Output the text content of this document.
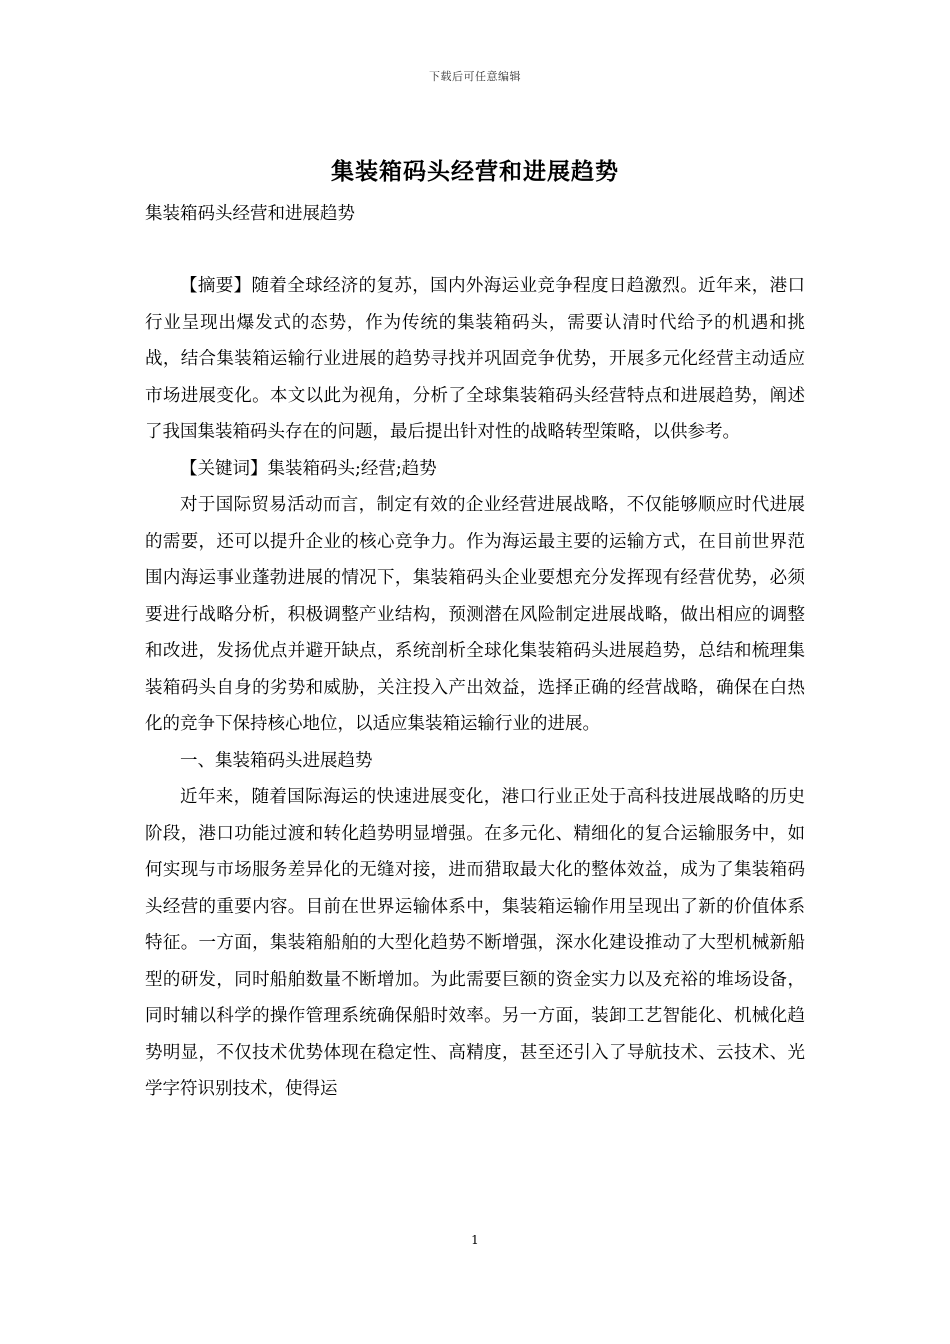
下载后可任意编辑
集装箱码头经营和进展趋势
集装箱码头经营和进展趋势

【摘要】随着全球经济的复苏，国内外海运业竞争程度日趋激烈。近年来，港口行业呈现出爆发式的态势，作为传统的集装箱码头，需要认清时代给予的机遇和挑战，结合集装箱运输行业进展的趋势寻找并巩固竞争优势，开展多元化经营主动适应市场进展变化。本文以此为视角，分析了全球集装箱码头经营特点和进展趋势，阐述了我国集装箱码头存在的问题，最后提出针对性的战略转型策略，以供参考。

【关键词】集装箱码头;经营;趋势

对于国际贸易活动而言，制定有效的企业经营进展战略，不仅能够顺应时代进展的需要，还可以提升企业的核心竞争力。作为海运最主要的运输方式，在目前世界范围内海运事业蓬勃进展的情况下，集装箱码头企业要想充分发挥现有经营优势，必须要进行战略分析，积极调整产业结构，预测潜在风险制定进展战略，做出相应的调整和改进，发扬优点并避开缺点，系统剖析全球化集装箱码头进展趋势，总结和梳理集装箱码头自身的劣势和威胁，关注投入产出效益，选择正确的经营战略，确保在白热化的竞争下保持核心地位，以适应集装箱运输行业的进展。

一、集装箱码头进展趋势

近年来，随着国际海运的快速进展变化，港口行业正处于高科技进展战略的历史阶段，港口功能过渡和转化趋势明显增强。在多元化、精细化的复合运输服务中，如何实现与市场服务差异化的无缝对接，进而猎取最大化的整体效益，成为了集装箱码头经营的重要内容。目前在世界运输体系中，集装箱运输作用呈现出了新的价值体系特征。一方面，集装箱船舶的大型化趋势不断增强，深水化建设推动了大型机械新船型的研发，同时船舶数量不断增加。为此需要巨额的资金实力以及充裕的堆场设备，同时辅以科学的操作管理系统确保船时效率。另一方面，装卸工艺智能化、机械化趋势明显，不仅技术优势体现在稳定性、高精度，甚至还引入了导航技术、云技术、光学字符识别技术，使得运

1
